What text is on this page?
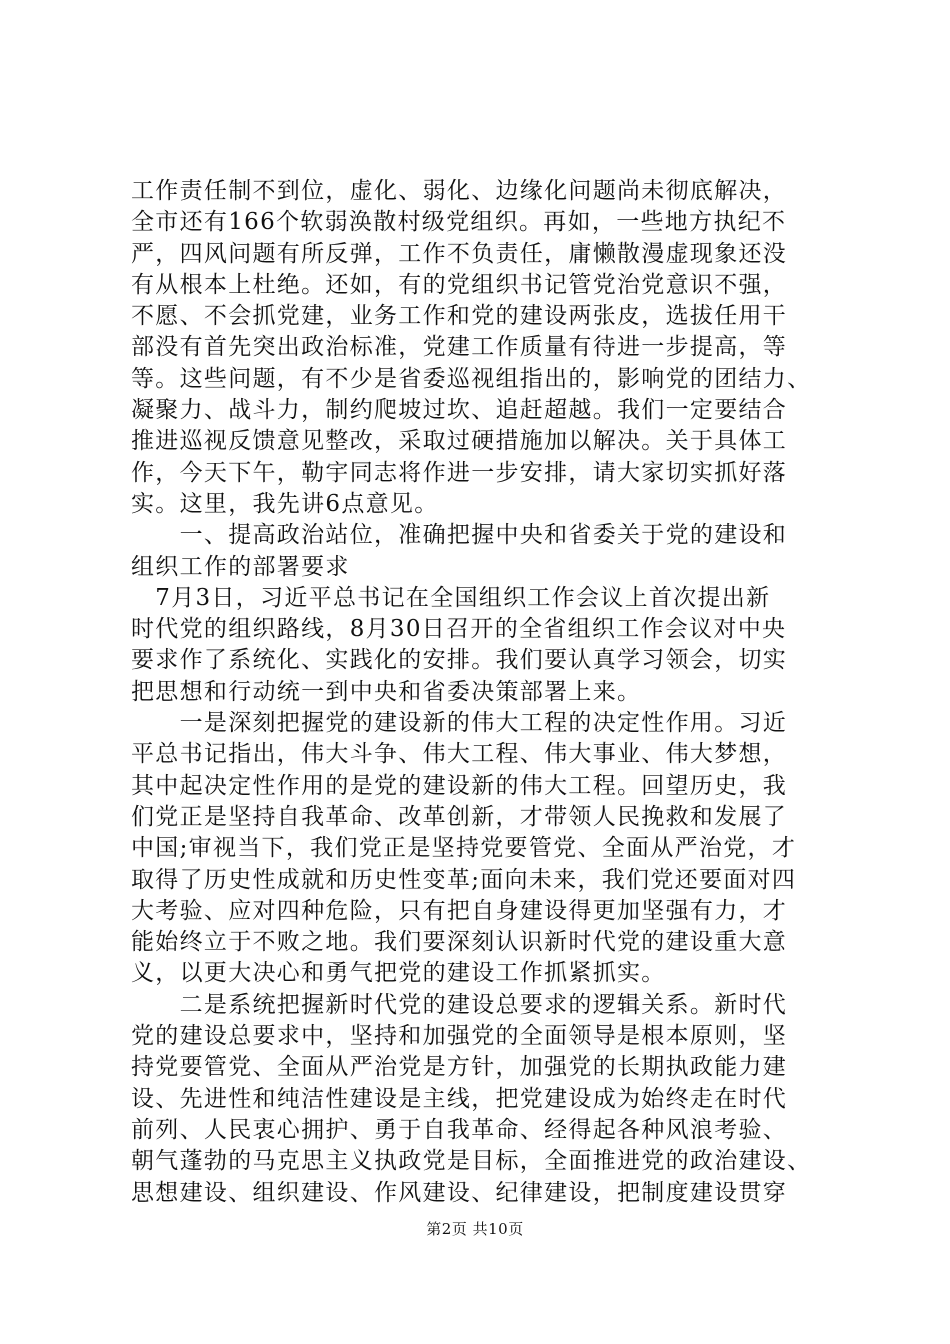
工作责任制不到位，虚化、弱化、边缘化问题尚未彻底解决，
全市还有166个软弱涣散村级党组织。再如，一些地方执纪不
严，四风问题有所反弹，工作不负责任，庸懒散漫虚现象还没
有从根本上杜绝。还如，有的党组织书记管党治党意识不强，
不愿、不会抓党建，业务工作和党的建设两张皮，选拔任用干
部没有首先突出政治标准，党建工作质量有待进一步提高，等
等。这些问题，有不少是省委巡视组指出的，影响党的团结力、
凝聚力、战斗力，制约爬坡过坎、追赶超越。我们一定要结合
推进巡视反馈意见整改，采取过硬措施加以解决。关于具体工
作，今天下午，勒宇同志将作进一步安排，请大家切实抓好落
实。这里，我先讲6点意见。
　　一、提高政治站位，准确把握中央和省委关于党的建设和
组织工作的部署要求
　7月3日，习近平总书记在全国组织工作会议上首次提出新
时代党的组织路线，8月30日召开的全省组织工作会议对中央
要求作了系统化、实践化的安排。我们要认真学习领会，切实
把思想和行动统一到中央和省委决策部署上来。
　　一是深刻把握党的建设新的伟大工程的决定性作用。习近
平总书记指出，伟大斗争、伟大工程、伟大事业、伟大梦想，
其中起决定性作用的是党的建设新的伟大工程。回望历史，我
们党正是坚持自我革命、改革创新，才带领人民挽救和发展了
中国;审视当下，我们党正是坚持党要管党、全面从严治党，才
取得了历史性成就和历史性变革;面向未来，我们党还要面对四
大考验、应对四种危险，只有把自身建设得更加坚强有力，才
能始终立于不败之地。我们要深刻认识新时代党的建设重大意
义，以更大决心和勇气把党的建设工作抓紧抓实。
　　二是系统把握新时代党的建设总要求的逻辑关系。新时代
党的建设总要求中，坚持和加强党的全面领导是根本原则，坚
持党要管党、全面从严治党是方针，加强党的长期执政能力建
设、先进性和纯洁性建设是主线，把党建设成为始终走在时代
前列、人民衷心拥护、勇于自我革命、经得起各种风浪考验、
朝气蓬勃的马克思主义执政党是目标，全面推进党的政治建设、
思想建设、组织建设、作风建设、纪律建设，把制度建设贯穿
第2页 共10页
